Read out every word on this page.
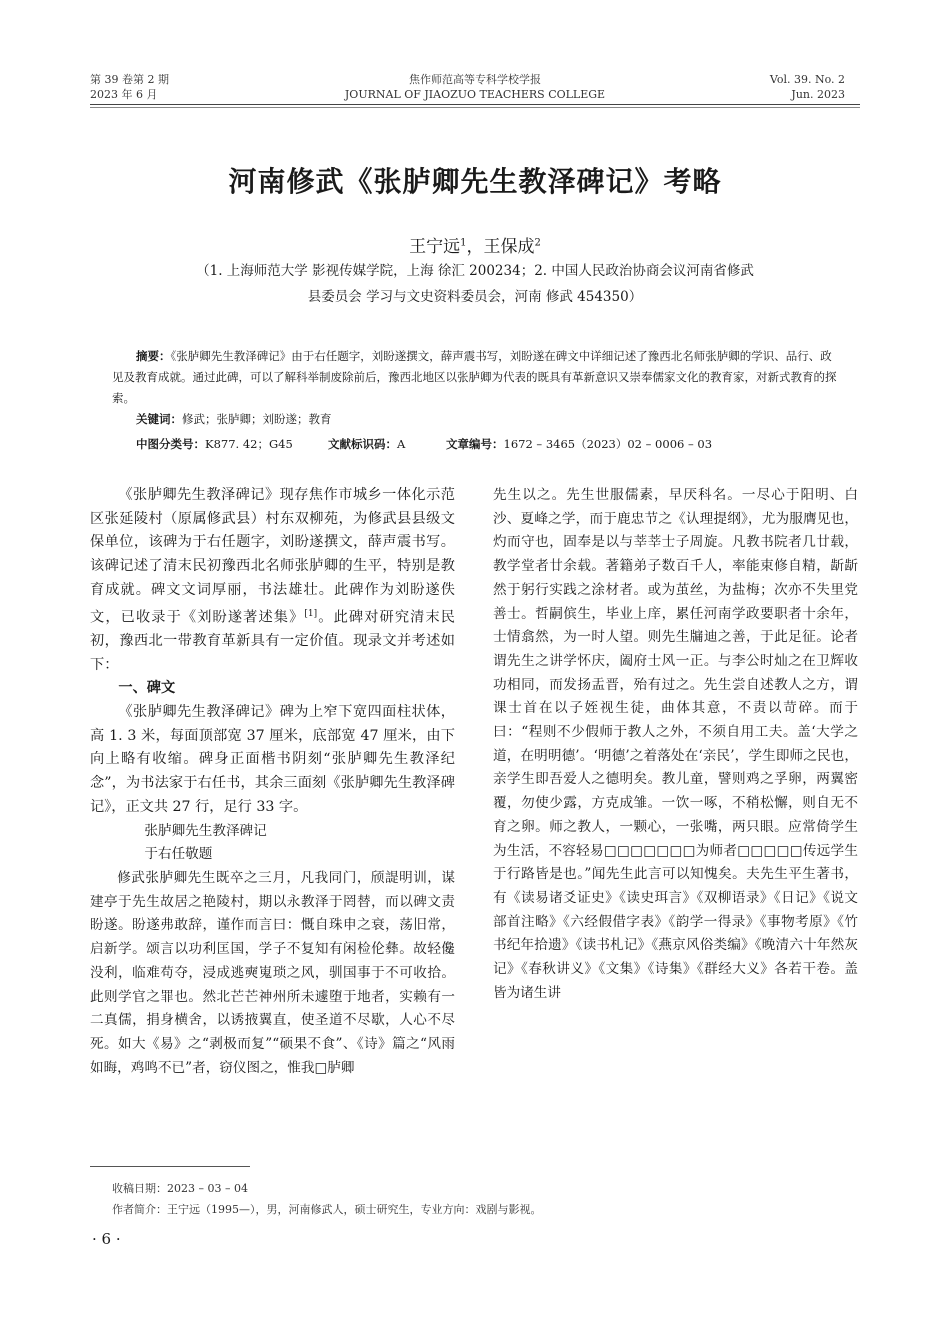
第 39 卷第 2 期
2023 年 6 月
焦作师范高等专科学校学报
JOURNAL OF JIAOZUO TEACHERS COLLEGE
Vol. 39. No. 2
Jun. 2023
河南修武《张胪卿先生教泽碑记》考略
王宁远$^1$，王保成$^2$
（1. 上海师范大学 影视传媒学院，上海 徐汇 200234；2. 中国人民政治协商会议河南省修武
县委员会 学习与文史资料委员会，河南 修武 454350）

摘要：《张胪卿先生教泽碑记》由于右任题字，刘盼遂撰文，薛声震书写，刘盼遂在碑文中详细记述了豫西北名师张胪卿的学识、品行、政见及教育成就。通过此碑，可以了解科举制废除前后，豫西北地区以张胪卿为代表的既具有革新意识又崇奉儒家文化的教育家，对新式教育的探索。

关键词：修武；张胪卿；刘盼遂；教育

中图分类号：K877. 42；G45	文献标识码：A	文章编号：1672 – 3465（2023）02 – 0006 – 03

《张胪卿先生教泽碑记》现存焦作市城乡一体化示范区张延陵村（原属修武县）村东双柳苑，为修武县县级文保单位，该碑为于右任题字，刘盼遂撰文，薛声震书写。该碑记述了清末民初豫西北名师张胪卿的生平，特别是教育成就。碑文文词厚丽，书法雄壮。此碑作为刘盼遂佚文，已收录于《刘盼遂著述集》[1]。此碑对研究清末民初，豫西北一带教育革新具有一定价值。现录文并考述如下：

一、碑文

《张胪卿先生教泽碑记》碑为上窄下宽四面柱状体，高 1. 3 米，每面顶部宽 37 厘米，底部宽 47 厘米，由下向上略有收缩。碑身正面楷书阴刻“张胪卿先生教泽纪念”，为书法家于右任书，其余三面刻《张胪卿先生教泽碑记》，正文共 27 行，足行 33 字。

张胪卿先生教泽碑记

于右任敬题

修武张胪卿先生既卒之三月，凡我同门，颀諟明训，谋建亭于先生故居之艳陵村，期以永教泽于罔替，而以碑文责盼遂。盼遂弗敢辞，谨作而言曰：慨自珠申之衰，荡旧常，启新学。颂言以功利匡国，学子不复知有闲检伦彝。故轻儳没利，临难苟夺，浸成逃奭嵬琐之风，驯国事于不可收拾。此则学官之罪也。然北芒芒神州所未遽堕于地者，实赖有一二真儒，捐身横舍，以诱掖翼直，使圣道不尽歇，人心不尽死。如大《易》之“剥极而复”“硕果不食”、《诗》篇之“风雨如晦，鸡鸣不已”者，窃仪图之，惟我□胪卿

先生以之。先生世服儒素，早厌科名。一尽心于阳明、白沙、夏峰之学，而于鹿忠节之《认理提纲》，尤为服膺见也，灼而守也，固奉是以与莘莘士子周旋。凡教书院者几廿载，教学堂者廿余载。著籍弟子数百千人，率能束修自精，龂龂然于躬行实践之涂材者。或为茧丝，为盐梅；次亦不失里党善士。哲嗣傧生，毕业上庠，累任河南学政要职者十余年，士情翕然，为一时人望。则先生牖迪之善，于此足征。论者谓先生之讲学怀庆，阖府士风一正。与李公时灿之在卫辉收功相同，而发扬盂晋，殆有过之。先生尝自述教人之方，谓课士首在以子姪视生徒，曲体其意，不责以苛碎。而于曰：“程则不少假师于教人之外，不须自用工夫。盖‘大学之道，在明明德’。‘明德’之着落处在‘亲民’，学生即师之民也，亲学生即吾爱人之德明矣。教儿童，譬则鸡之孚卵，两翼密覆，勿使少露，方克成雏。一饮一啄，不稍松懈，则自无不育之卵。师之教人，一颗心，一张嘴，两只眼。应常倚学生为生活，不容轻易□□□□□□□为师者□□□□□传远学生于行路皆是也。”闻先生此言可以知愧矣。夫先生平生著书，有《读易诸爻证史》《读史珥言》《双柳语录》《日记》《说文部首注略》《六经假借字表》《韵学一得录》《事物考原》《竹书纪年拾遗》《读书札记》《燕京风俗类编》《晚清六十年然灰记》《春秋讲义》《文集》《诗集》《群经大义》各若干卷。盖皆为诸生讲

收稿日期：2023 – 03 – 04
作者简介：王宁远（1995—），男，河南修武人，硕士研究生，专业方向：戏剧与影视。
· 6 ·
